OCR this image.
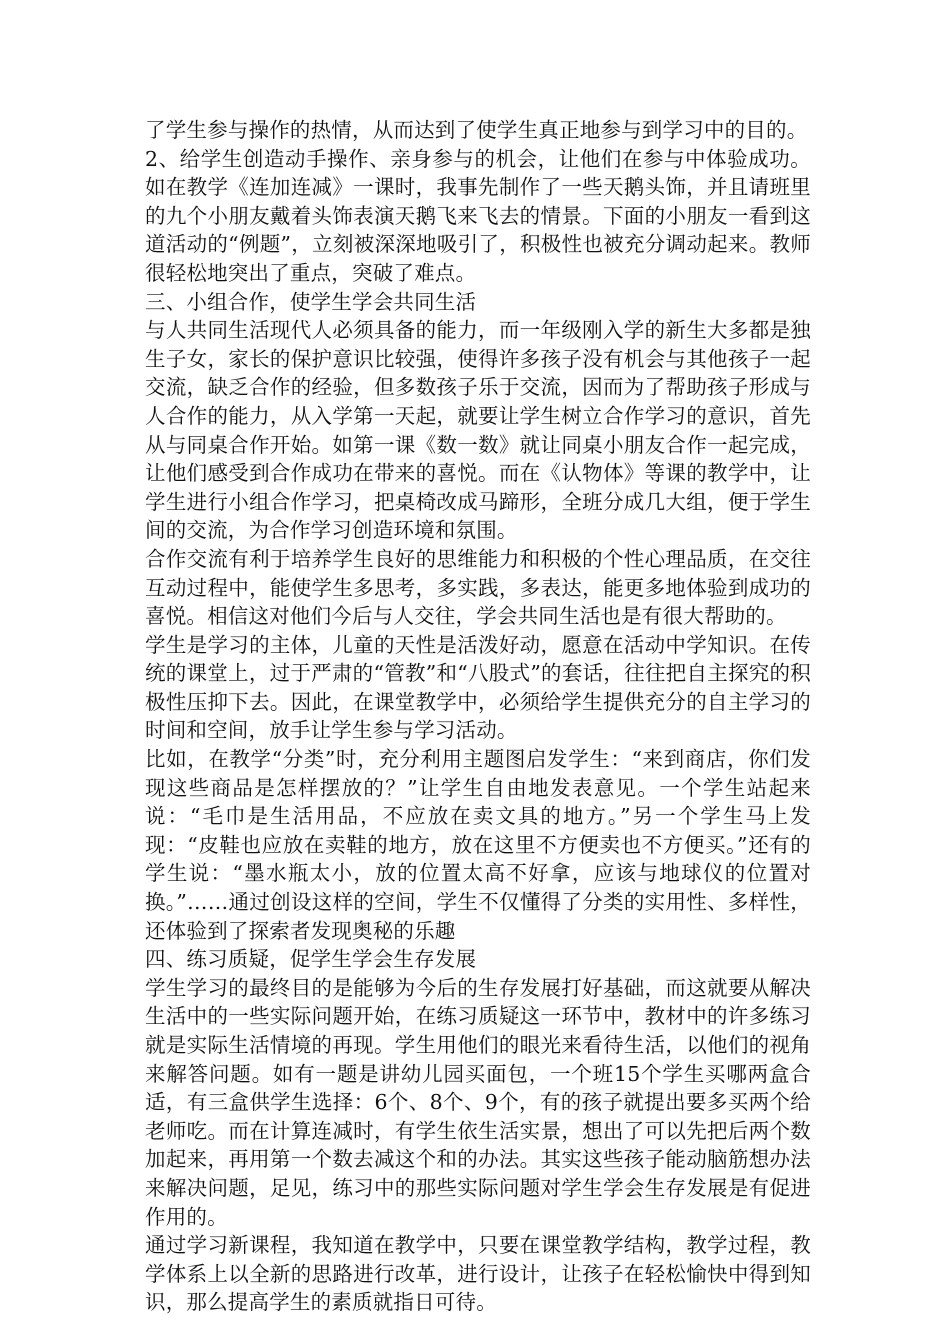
了学生参与操作的热情，从而达到了使学生真正地参与到学习中的目的。

2、给学生创造动手操作、亲身参与的机会，让他们在参与中体验成功。如在教学《连加连减》一课时，我事先制作了一些天鹅头饰，并且请班里的九个小朋友戴着头饰表演天鹅飞来飞去的情景。下面的小朋友一看到这道活动的“例题”，立刻被深深地吸引了，积极性也被充分调动起来。教师很轻松地突出了重点，突破了难点。

三、小组合作，使学生学会共同生活

与人共同生活现代人必须具备的能力，而一年级刚入学的新生大多都是独生子女，家长的保护意识比较强，使得许多孩子没有机会与其他孩子一起交流，缺乏合作的经验，但多数孩子乐于交流，因而为了帮助孩子形成与人合作的能力，从入学第一天起，就要让学生树立合作学习的意识，首先从与同桌合作开始。如第一课《数一数》就让同桌小朋友合作一起完成，让他们感受到合作成功在带来的喜悦。而在《认物体》等课的教学中，让学生进行小组合作学习，把桌椅改成马蹄形，全班分成几大组，便于学生间的交流，为合作学习创造环境和氛围。

合作交流有利于培养学生良好的思维能力和积极的个性心理品质，在交往互动过程中，能使学生多思考，多实践，多表达，能更多地体验到成功的喜悦。相信这对他们今后与人交往，学会共同生活也是有很大帮助的。

学生是学习的主体，儿童的天性是活泼好动，愿意在活动中学知识。在传统的课堂上，过于严肃的“管教”和“八股式”的套话，往往把自主探究的积极性压抑下去。因此，在课堂教学中，必须给学生提供充分的自主学习的时间和空间，放手让学生参与学习活动。

比如，在教学“分类”时，充分利用主题图启发学生：“来到商店，你们发现这些商品是怎样摆放的？”让学生自由地发表意见。一个学生站起来说：“毛巾是生活用品，不应放在卖文具的地方。”另一个学生马上发现：“皮鞋也应放在卖鞋的地方，放在这里不方便卖也不方便买。”还有的学生说：“墨水瓶太小，放的位置太高不好拿，应该与地球仪的位置对换。”……通过创设这样的空间，学生不仅懂得了分类的实用性、多样性，还体验到了探索者发现奥秘的乐趣

四、练习质疑，促学生学会生存发展

学生学习的最终目的是能够为今后的生存发展打好基础，而这就要从解决生活中的一些实际问题开始，在练习质疑这一环节中，教材中的许多练习就是实际生活情境的再现。学生用他们的眼光来看待生活，以他们的视角来解答问题。如有一题是讲幼儿园买面包，一个班15个学生买哪两盒合适，有三盒供学生选择：6个、8个、9个，有的孩子就提出要多买两个给老师吃。而在计算连减时，有学生依生活实景，想出了可以先把后两个数加起来，再用第一个数去减这个和的办法。其实这些孩子能动脑筋想办法来解决问题，足见，练习中的那些实际问题对学生学会生存发展是有促进作用的。

通过学习新课程，我知道在教学中，只要在课堂教学结构，教学过程，教学体系上以全新的思路进行改革，进行设计，让孩子在轻松愉快中得到知识，那么提高学生的素质就指日可待。
